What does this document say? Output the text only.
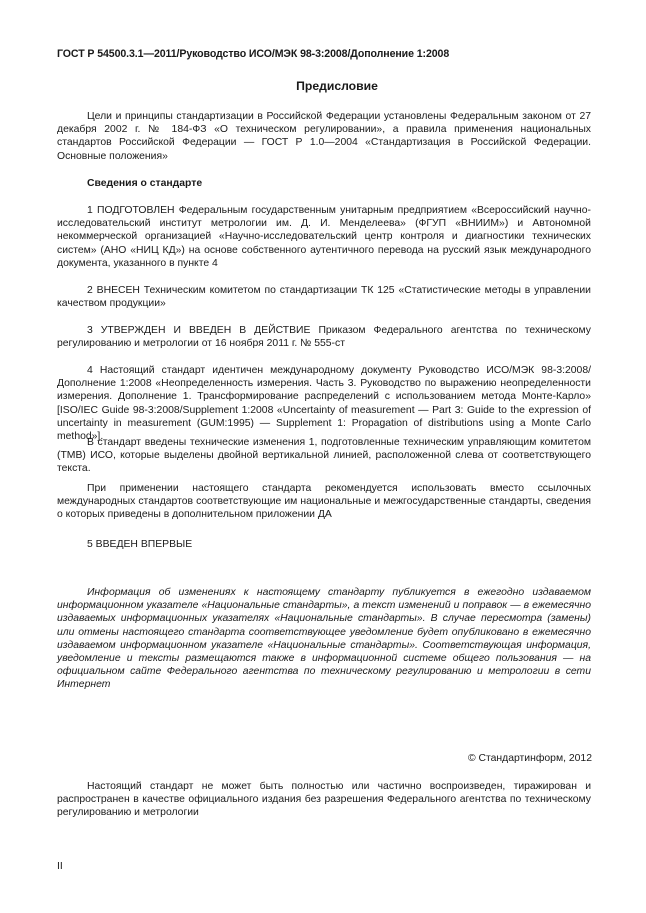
ГОСТ Р 54500.3.1—2011/Руководство ИСО/МЭК 98-3:2008/Дополнение 1:2008
Предисловие
Цели и принципы стандартизации в Российской Федерации установлены Федеральным законом от 27 декабря 2002 г. № 184-ФЗ «О техническом регулировании», а правила применения национальных стандартов Российской Федерации — ГОСТ Р 1.0—2004 «Стандартизация в Российской Федерации. Основные положения»
Сведения о стандарте
1 ПОДГОТОВЛЕН Федеральным государственным унитарным предприятием «Всероссийский научно-исследовательский институт метрологии им. Д. И. Менделеева» (ФГУП «ВНИИМ») и Автономной некоммерческой организацией «Научно-исследовательский центр контроля и диагностики технических систем» (АНО «НИЦ КД») на основе собственного аутентичного перевода на русский язык международного документа, указанного в пункте 4
2 ВНЕСЕН Техническим комитетом по стандартизации ТК 125 «Статистические методы в управлении качеством продукции»
3 УТВЕРЖДЕН И ВВЕДЕН В ДЕЙСТВИЕ Приказом Федерального агентства по техническому регулированию и метрологии от 16 ноября 2011 г. № 555-ст
4 Настоящий стандарт идентичен международному документу Руководство ИСО/МЭК 98-3:2008/Дополнение 1:2008 «Неопределенность измерения. Часть 3. Руководство по выражению неопределенности измерения. Дополнение 1. Трансформирование распределений с использованием метода Монте-Карло» [ISO/IEC Guide 98-3:2008/Supplement 1:2008 «Uncertainty of measurement — Part 3: Guide to the expression of uncertainty in measurement (GUM:1995) — Supplement 1: Propagation of distributions using a Monte Carlo method»].
В стандарт введены технические изменения 1, подготовленные техническим управляющим комитетом (ТМВ) ИСО, которые выделены двойной вертикальной линией, расположенной слева от соответствующего текста.
При применении настоящего стандарта рекомендуется использовать вместо ссылочных международных стандартов соответствующие им национальные и межгосударственные стандарты, сведения о которых приведены в дополнительном приложении ДА
5 ВВЕДЕН ВПЕРВЫЕ
Информация об изменениях к настоящему стандарту публикуется в ежегодно издаваемом информационном указателе «Национальные стандарты», а текст изменений и поправок — в ежемесячно издаваемых информационных указателях «Национальные стандарты». В случае пересмотра (замены) или отмены настоящего стандарта соответствующее уведомление будет опубликовано в ежемесячно издаваемом информационном указателе «Национальные стандарты». Соответствующая информация, уведомление и тексты размещаются также в информационной системе общего пользования — на официальном сайте Федерального агентства по техническому регулированию и метрологии в сети Интернет
© Стандартинформ, 2012
Настоящий стандарт не может быть полностью или частично воспроизведен, тиражирован и распространен в качестве официального издания без разрешения Федерального агентства по техническому регулированию и метрологии
II
